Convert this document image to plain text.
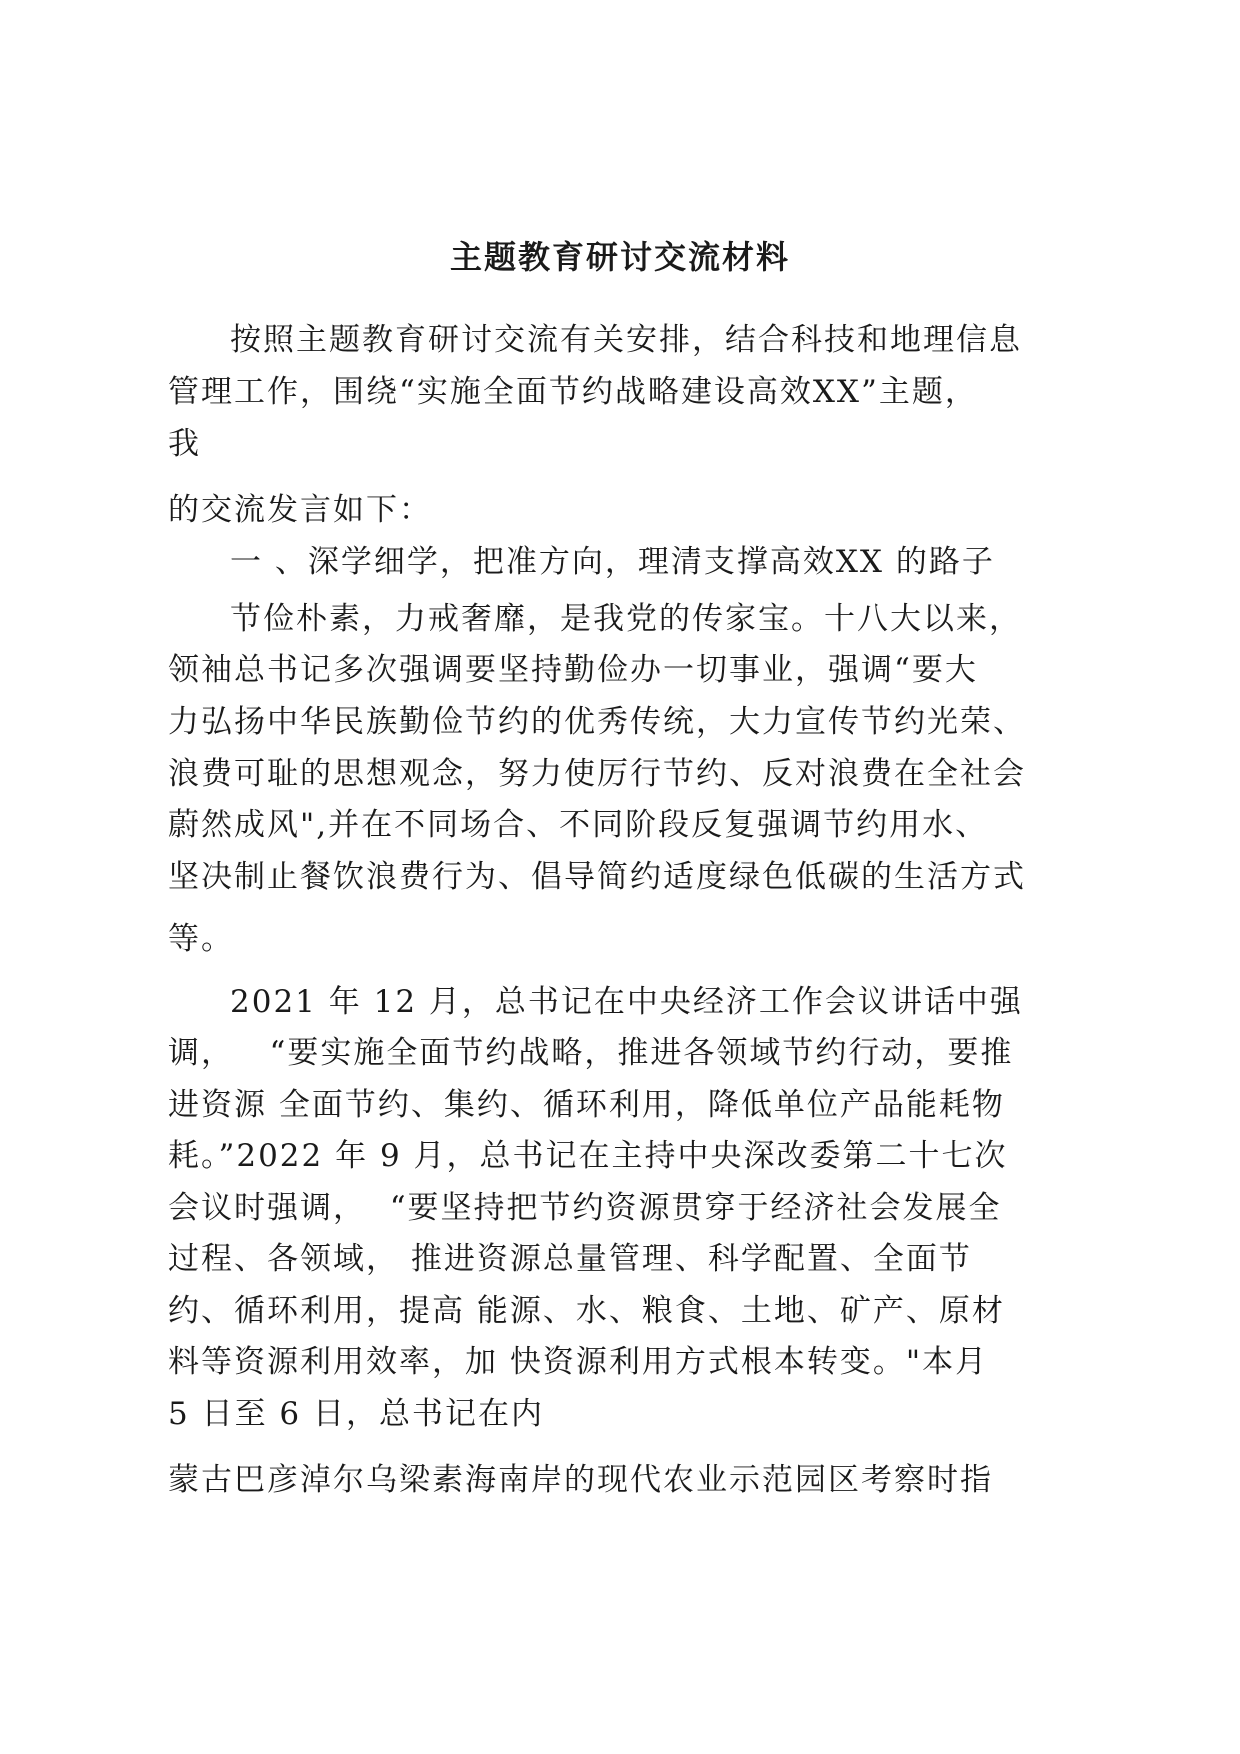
主题教育研讨交流材料
按照主题教育研讨交流有关安排，结合科技和地理信息
管理工作，围绕“实施全面节约战略建设高效XX”主题，
我
的交流发言如下：
一 、深学细学，把准方向，理清支撑高效XX 的路子
节俭朴素，力戒奢靡，是我党的传家宝。十八大以来，
领袖总书记多次强调要坚持勤俭办一切事业，强调“要大
力弘扬中华民族勤俭节约的优秀传统，大力宣传节约光荣、
浪费可耻的思想观念，努力使厉行节约、反对浪费在全社会
蔚然成风",并在不同场合、不同阶段反复强调节约用水、
坚决制止餐饮浪费行为、倡导简约适度绿色低碳的生活方式
等。
2021 年 12 月，总书记在中央经济工作会议讲话中强
调，   “要实施全面节约战略，推进各领域节约行动，要推
进资源 全面节约、集约、循环利用，降低单位产品能耗物
耗。”2022 年 9 月，总书记在主持中央深改委第二十七次
会议时强调，  “要坚持把节约资源贯穿于经济社会发展全
过程、各领域， 推进资源总量管理、科学配置、全面节
约、循环利用，提高 能源、水、粮食、土地、矿产、原材
料等资源利用效率，加 快资源利用方式根本转变。"本月
5 日至 6 日，总书记在内
蒙古巴彦淖尔乌梁素海南岸的现代农业示范园区考察时指
